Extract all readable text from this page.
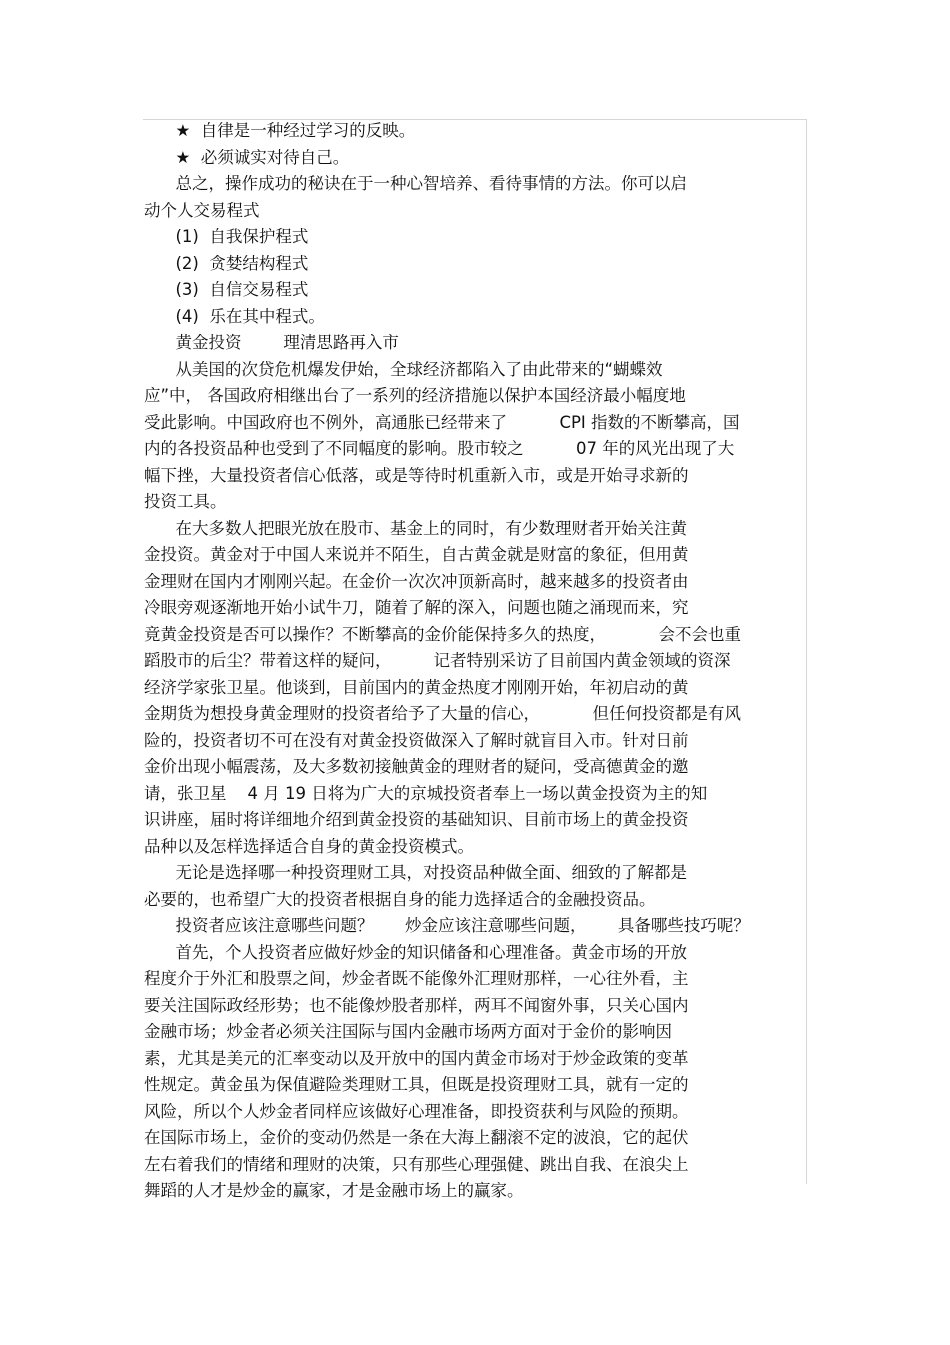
★  自律是一种经过学习的反映。

★  必须诚实对待自己。

总之，操作成功的秘诀在于一种心智培养、看待事情的方法。你可以启

动个人交易程式

(1)  自我保护程式

(2)  贪婪结构程式

(3)  自信交易程式

(4)  乐在其中程式。

黄金投资        理清思路再入市

从美国的次贷危机爆发伊始，全球经济都陷入了由此带来的“蝴蝶效

应”中， 各国政府相继出台了一系列的经济措施以保护本国经济最小幅度地

受此影响。中国政府也不例外，高通胀已经带来了          CPI 指数的不断攀高，国

内的各投资品种也受到了不同幅度的影响。股市较之          07 年的风光出现了大

幅下挫，大量投资者信心低落，或是等待时机重新入市，或是开始寻求新的

投资工具。

在大多数人把眼光放在股市、基金上的同时，有少数理财者开始关注黄

金投资。黄金对于中国人来说并不陌生，自古黄金就是财富的象征，但用黄

金理财在国内才刚刚兴起。在金价一次次冲顶新高时，越来越多的投资者由

冷眼旁观逐渐地开始小试牛刀，随着了解的深入，问题也随之涌现而来，究

竟黄金投资是否可以操作？不断攀高的金价能保持多久的热度，          会不会也重

蹈股市的后尘？带着这样的疑问，        记者特别采访了目前国内黄金领域的资深

经济学家张卫星。他谈到，目前国内的黄金热度才刚刚开始，年初启动的黄

金期货为想投身黄金理财的投资者给予了大量的信心，          但任何投资都是有风

险的，投资者切不可在没有对黄金投资做深入了解时就盲目入市。针对日前

金价出现小幅震荡，及大多数初接触黄金的理财者的疑问，受高德黄金的邀

请，张卫星    4 月 19 日将为广大的京城投资者奉上一场以黄金投资为主的知

识讲座，届时将详细地介绍到黄金投资的基础知识、目前市场上的黄金投资

品种以及怎样选择适合自身的黄金投资模式。

无论是选择哪一种投资理财工具，对投资品种做全面、细致的了解都是

必要的，也希望广大的投资者根据自身的能力选择适合的金融投资品。

投资者应该注意哪些问题？      炒金应该注意哪些问题，      具备哪些技巧呢？

首先，个人投资者应做好炒金的知识储备和心理准备。黄金市场的开放

程度介于外汇和股票之间，炒金者既不能像外汇理财那样，一心往外看，主

要关注国际政经形势；也不能像炒股者那样，两耳不闻窗外事，只关心国内

金融市场；炒金者必须关注国际与国内金融市场两方面对于金价的影响因

素，尤其是美元的汇率变动以及开放中的国内黄金市场对于炒金政策的变革

性规定。黄金虽为保值避险类理财工具，但既是投资理财工具，就有一定的

风险，所以个人炒金者同样应该做好心理准备，即投资获利与风险的预期。

在国际市场上，金价的变动仍然是一条在大海上翻滚不定的波浪，它的起伏

左右着我们的情绪和理财的决策，只有那些心理强健、跳出自我、在浪尖上

舞蹈的人才是炒金的赢家，才是金融市场上的赢家。
